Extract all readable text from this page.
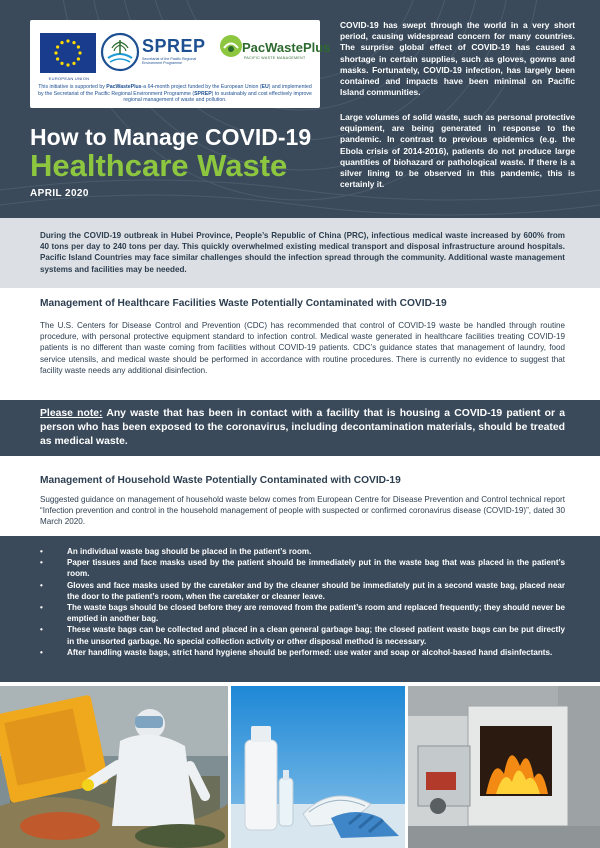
EUROPEAN UNION
SPREP
Secretariat of the Pacific Regional Environment Programme
PacWastePlus
PACIFIC WASTE MANAGEMENT
This initiative is supported by PacWastePlus-a 64-month project funded by the European Union (EU) and implemented by the Secretariat of the Pacific Regional Environment Programme (SPREP) to sustainably and cost effectively improve regional management of waste and pollution.
How to Manage COVID-19
Healthcare Waste
APRIL 2020

COVID-19 has swept through the world in a very short period, causing widespread concern for many countries. The surprise global effect of COVID-19 has caused a shortage in certain supplies, such as gloves, gowns and masks. Fortunately, COVID-19 infection, has largely been contained and impacts have been minimal on Pacific Island communities.

Large volumes of solid waste, such as personal protective equipment, are being generated in response to the pandemic. In contrast to previous epidemics (e.g. the Ebola crisis of 2014-2016), patients do not produce large quantities of biohazard or pathological waste. If there is a silver lining to be observed in this pandemic, this is certainly it.

During the COVID-19 outbreak in Hubei Province, People’s Republic of China (PRC), infectious medical waste increased by 600% from 40 tons per day to 240 tons per day. This quickly overwhelmed existing medical transport and disposal infrastructure around hospitals. Pacific Island Countries may face similar challenges should the infection spread through the community. Additional waste management systems and facilities may be needed.

Management of Healthcare Facilities Waste Potentially Contaminated with COVID-19

The U.S. Centers for Disease Control and Prevention (CDC) has recommended that control of COVID-19 waste be handled through routine procedure, with personal protective equipment standard to infection control. Medical waste generated in healthcare facilities treating COVID-19 patients is no different than waste coming from facilities without COVID-19 patients. CDC’s guidance states that management of laundry, food service utensils, and medical waste should be performed in accordance with routine procedures. There is currently no evidence to suggest that facility waste needs any additional disinfection.

Please note: Any waste that has been in contact with a facility that is housing a COVID-19 patient or a person who has been exposed to the coronavirus, including decontamination materials, should be treated as medical waste.

Management of Household Waste Potentially Contaminated with COVID-19

Suggested guidance on management of household waste below comes from European Centre for Disease Prevention and Control technical report “Infection prevention and control in the household management of people with suspected or confirmed coronavirus disease (COVID-19)”, dated 30 March 2020.

• An individual waste bag should be placed in the patient’s room.
• Paper tissues and face masks used by the patient should be immediately put in the waste bag that was placed in the patient’s room.
• Gloves and face masks used by the caretaker and by the cleaner should be immediately put in a second waste bag, placed near the door to the patient’s room, when the caretaker or cleaner leave.
• The waste bags should be closed before they are removed from the patient’s room and replaced frequently; they should never be emptied in another bag.
• These waste bags can be collected and placed in a clean general garbage bag; the closed patient waste bags can be put directly in the unsorted garbage. No special collection activity or other disposal method is necessary.
• After handling waste bags, strict hand hygiene should be performed: use water and soap or alcohol-based hand disinfectants.
